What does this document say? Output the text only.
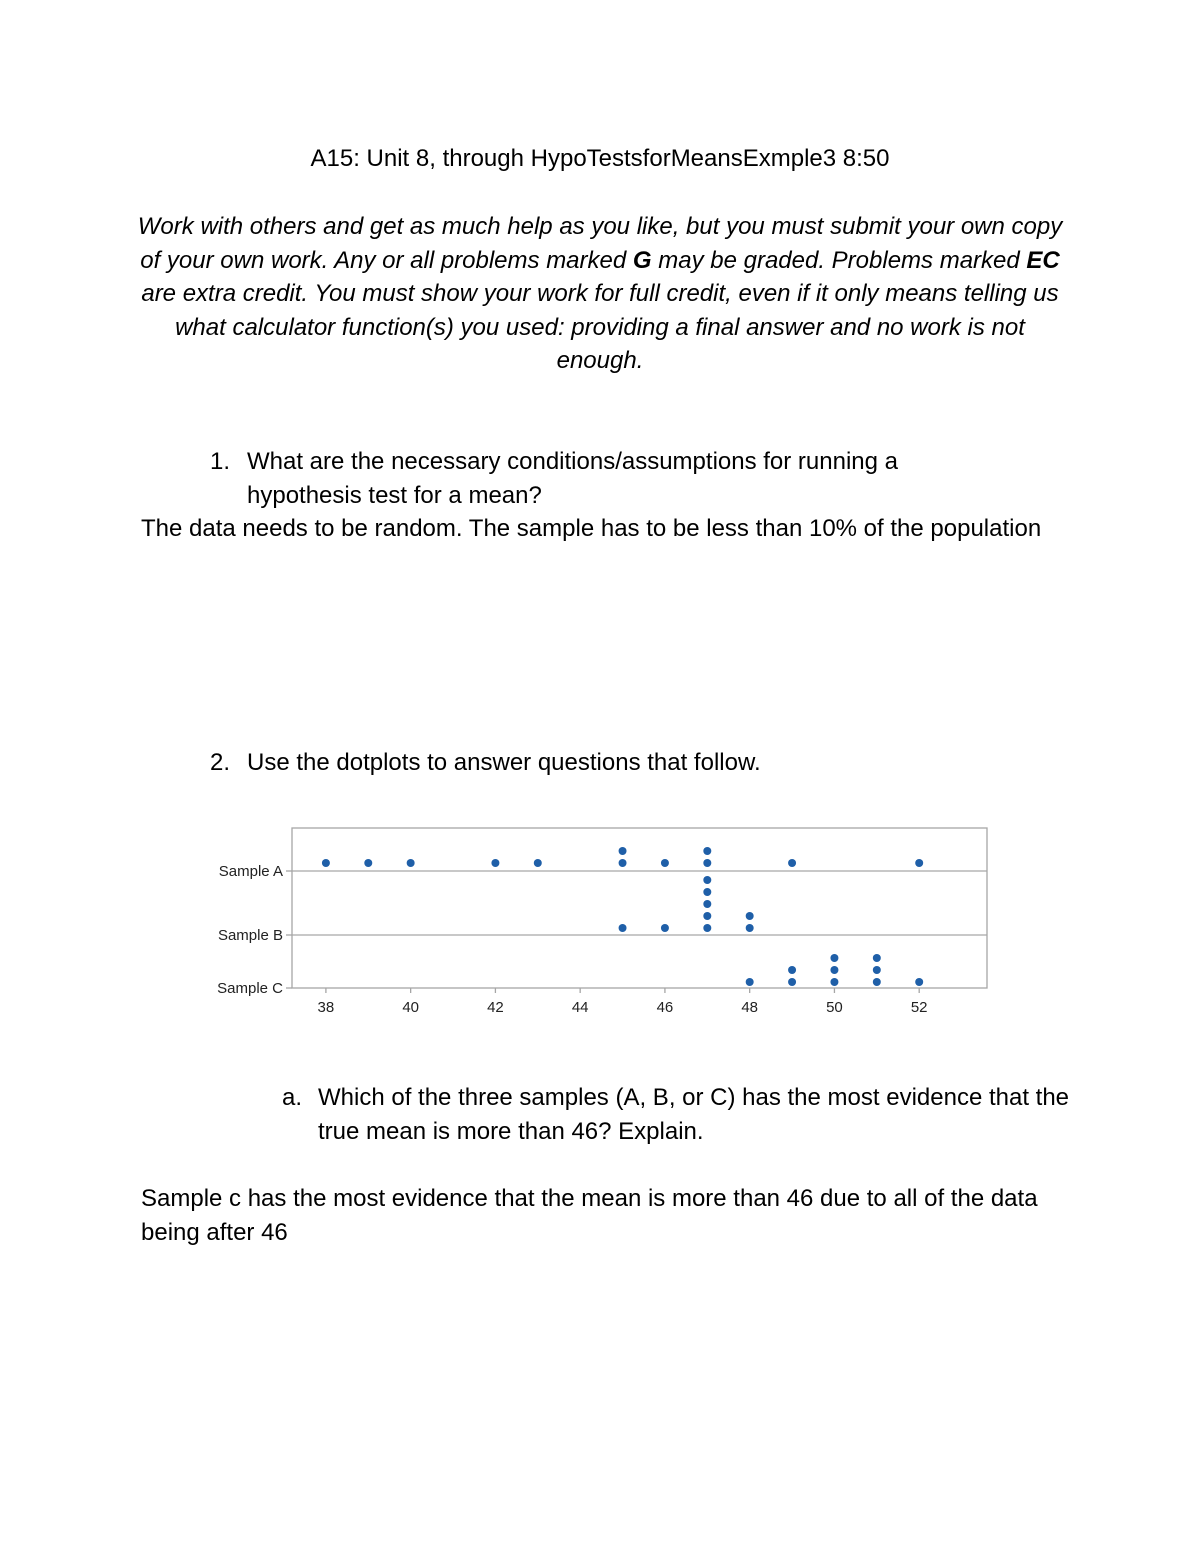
A15: Unit 8, through HypoTestsforMeansExmple3 8:50
Work with others and get as much help as you like, but you must submit your own copy of your own work. Any or all problems marked G may be graded. Problems marked EC are extra credit. You must show your work for full credit, even if it only means telling us what calculator function(s) you used: providing a final answer and no work is not enough.
1. What are the necessary conditions/assumptions for running a hypothesis test for a mean?
The data needs to be random. The sample has to be less than 10% of the population
2. Use the dotplots to answer questions that follow.
Sample A
Sample B
Sample C
38	40	42	44	46	48	50	52
a. Which of the three samples (A, B, or C) has the most evidence that the true mean is more than 46? Explain.
Sample c has the most evidence that the mean is more than 46 due to all of the data being after 46
